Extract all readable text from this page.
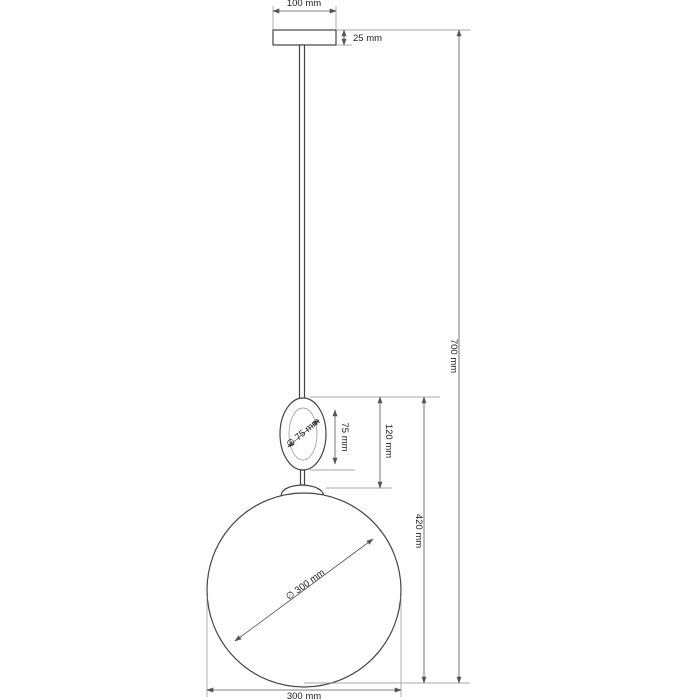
100 mm
25 mm
700 mm
∅ 75 mm 75 mm	120 mm
420 mm
∅ 300 mm
300 mm
